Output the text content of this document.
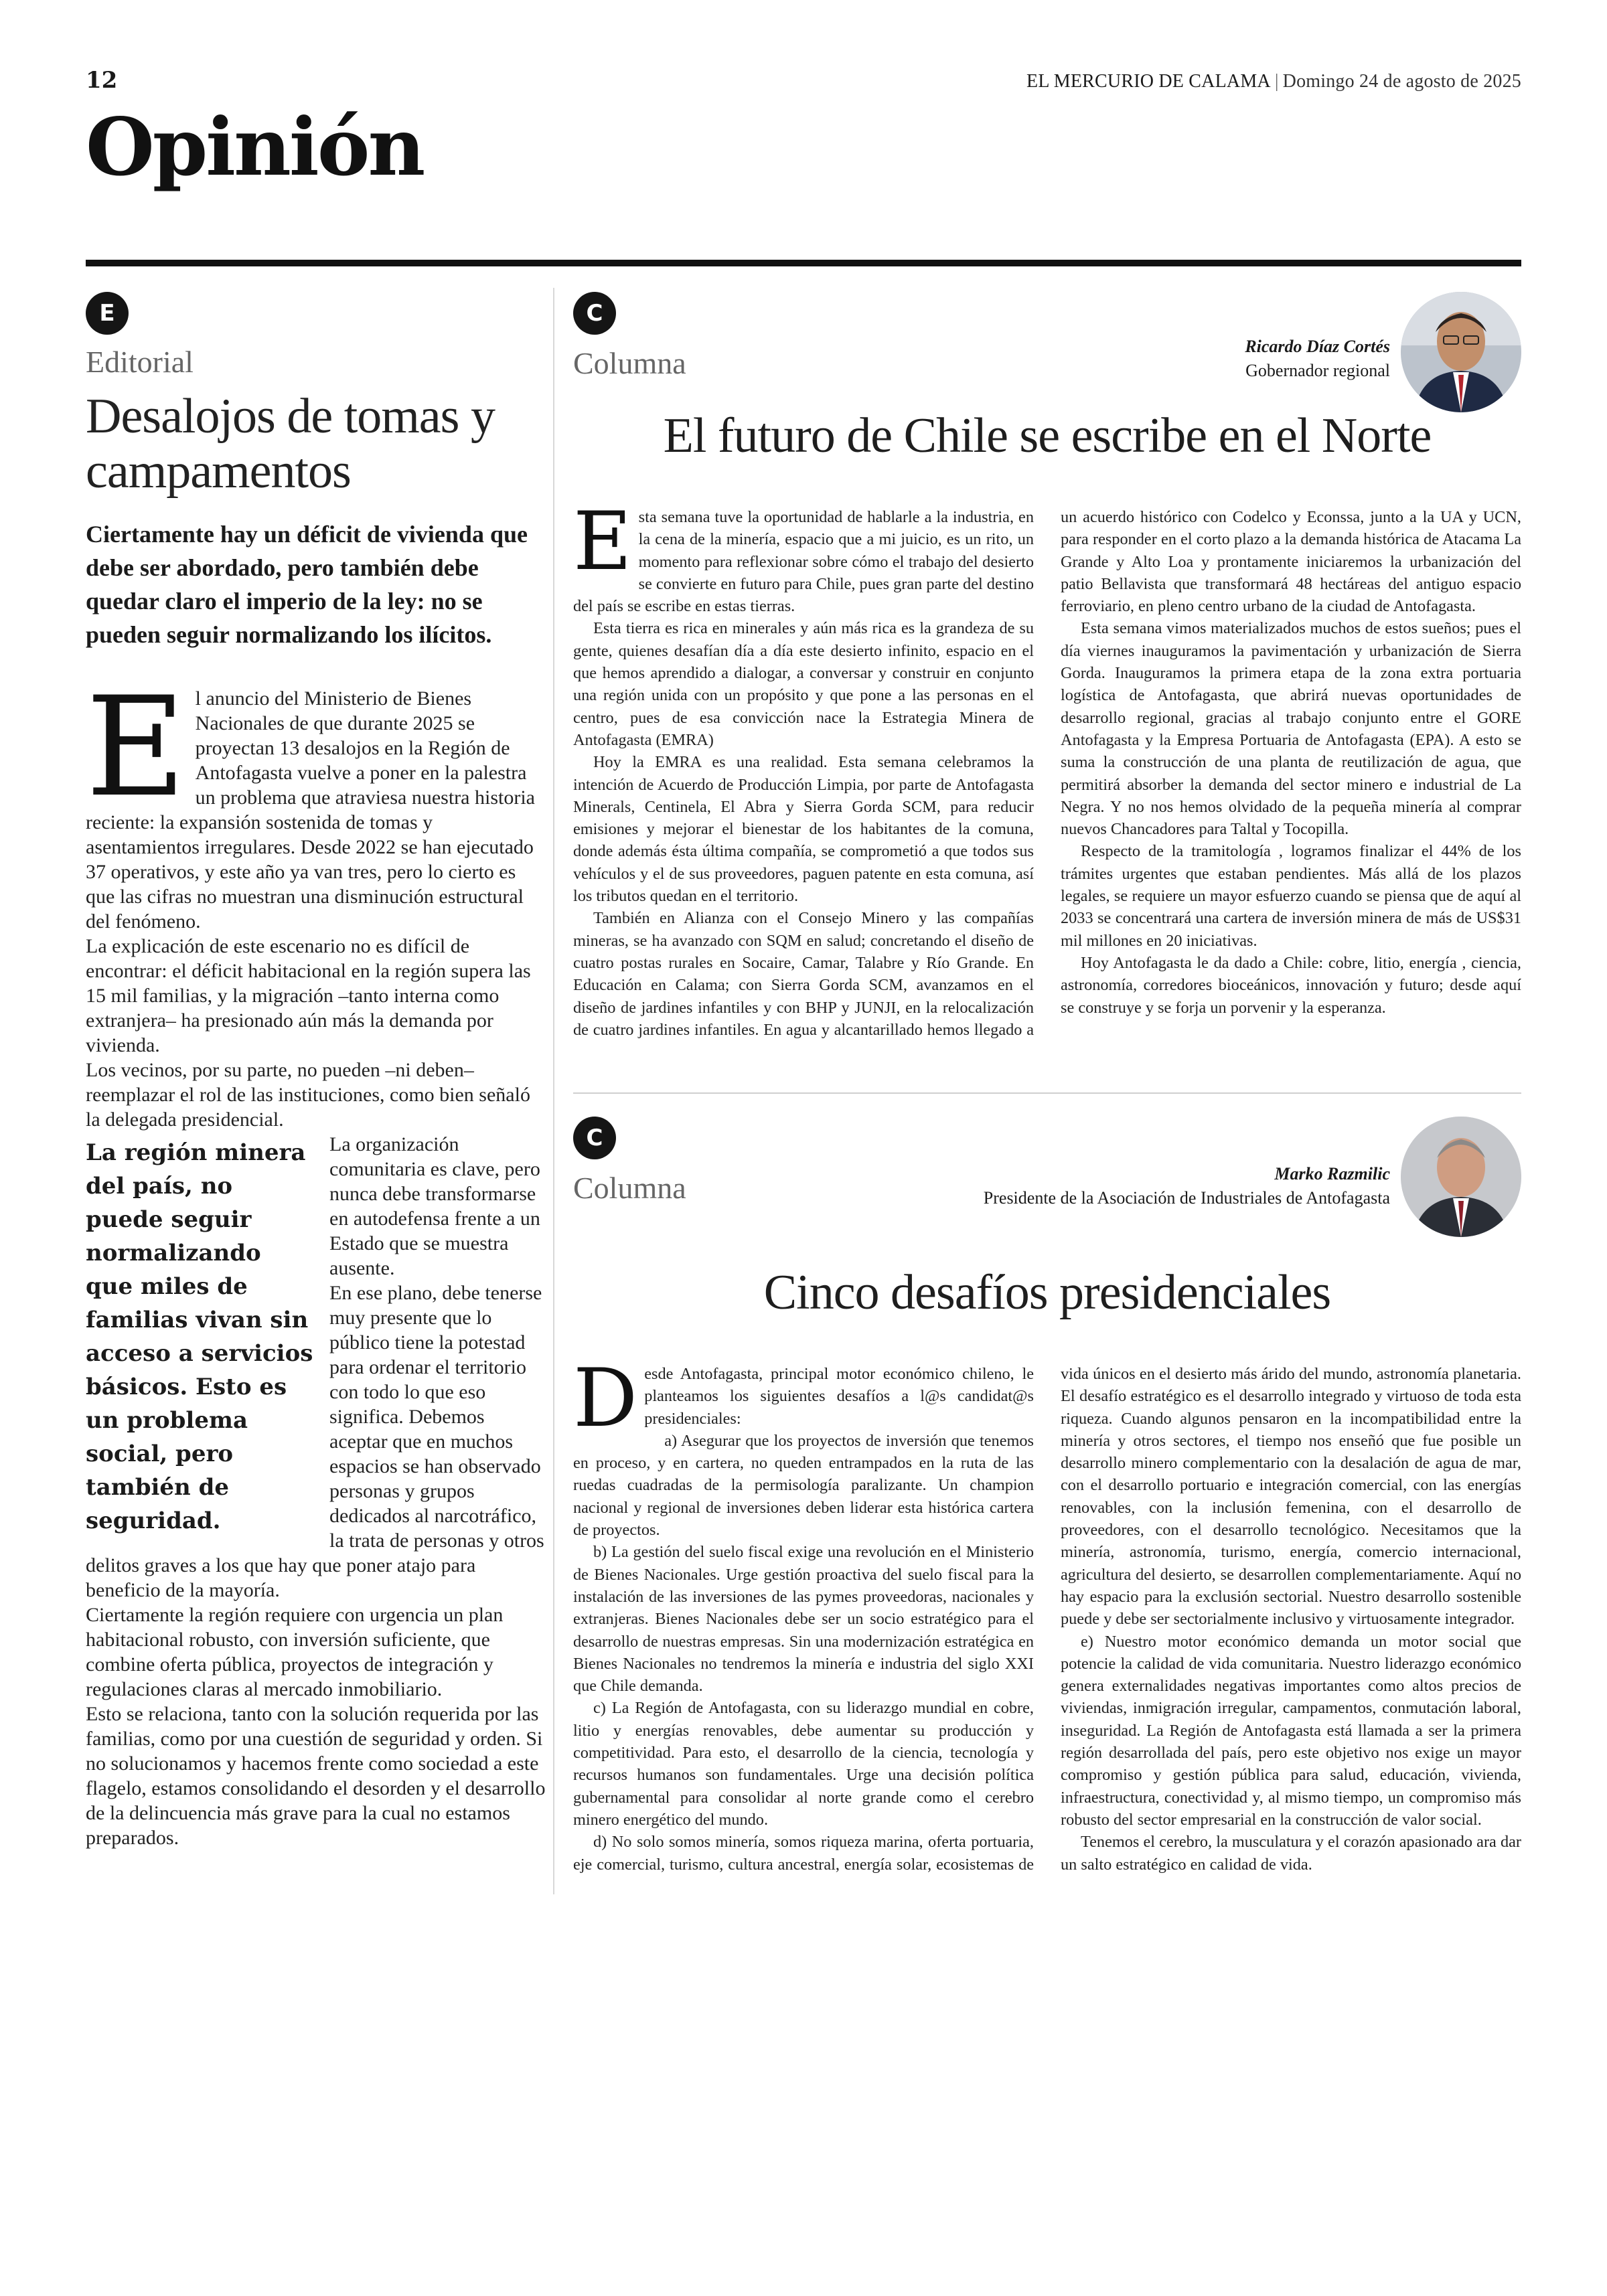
12	EL MERCURIO DE CALAMA | Domingo 24 de agosto de 2025
Opinión
E
Editorial
Desalojos de tomas y campamentos

Ciertamente hay un déficit de vivienda que debe ser abordado, pero también debe quedar claro el imperio de la ley: no se pueden seguir normalizando los ilícitos.

E l anuncio del Ministerio de Bienes Nacionales de que durante 2025 se proyectan 13 desalojos en la Región de Antofagasta vuelve a poner en la palestra un problema que atraviesa nuestra historia reciente: la expansión sostenida de tomas y asentamientos irregulares. Desde 2022 se han ejecutado 37 operativos, y este año ya van tres, pero lo cierto es que las cifras no muestran una disminución estructural del fenómeno.

La explicación de este escenario no es difícil de encontrar: el déficit habitacional en la región supera las 15 mil familias, y la migración –tanto interna como extranjera– ha presionado aún más la demanda por vivienda.

Los vecinos, por su parte, no pueden –ni deben– reemplazar el rol de las instituciones, como bien señaló la delegada presidencial.

La región minera del país, no puede seguir normalizando que miles de familias vivan sin acceso a servicios básicos. Esto es un problema social, pero también de seguridad.

La organización comunitaria es clave, pero nunca debe transformarse en autodefensa frente a un Estado que se muestra ausente.

En ese plano, debe tenerse muy presente que lo público tiene la potestad para ordenar el territorio con todo lo que eso significa. Debemos aceptar que en muchos espacios se han observado personas y grupos dedicados al narcotráfico, la trata de personas y otros delitos graves a los que hay que poner atajo para beneficio de la mayoría.

Ciertamente la región requiere con urgencia un plan habitacional robusto, con inversión suficiente, que combine oferta pública, proyectos de integración y regulaciones claras al mercado inmobiliario.

Esto se relaciona, tanto con la solución requerida por las familias, como por una cuestión de seguridad y orden. Si no solucionamos y hacemos frente como sociedad a este flagelo, estamos consolidando el desorden y el desarrollo de la delincuencia más grave para la cual no estamos preparados.

C
Columna	Ricardo Díaz Cortés
Gobernador regional
El futuro de Chile se escribe en el Norte

Esta semana tuve la oportunidad de hablarle a la industria, en la cena de la minería, espacio que a mi juicio, es un rito, un momento para reflexionar sobre cómo el trabajo del desierto se convierte en futuro para Chile, pues gran parte del destino del país se escribe en estas tierras.

Esta tierra es rica en minerales y aún más rica es la grandeza de su gente, quienes desafían día a día este desierto infinito, espacio en el que hemos aprendido a dialogar, a conversar y construir en conjunto una región unida con un propósito y que pone a las personas en el centro, pues de esa convicción nace la Estrategia Minera de Antofagasta (EMRA)

Hoy la EMRA es una realidad. Esta semana celebramos la intención de Acuerdo de Producción Limpia, por parte de Antofagasta Minerals, Centinela, El Abra y Sierra Gorda SCM, para reducir emisiones y mejorar el bienestar de los habitantes de la comuna, donde además ésta última compañía, se comprometió a que todos sus vehículos y el de sus proveedores, paguen patente en esta comuna, así los tributos quedan en el territorio.

También en Alianza con el Consejo Minero y las compañías mineras, se ha avanzado con SQM en salud; concretando el diseño de cuatro postas rurales en Socaire, Camar, Talabre y Río Grande. En Educación en Calama; con Sierra Gorda SCM, avanzamos en el diseño de jardines infantiles y con BHP y JUNJI, en la relocalización de cuatro jardines infantiles. En agua y alcantarillado hemos llegado a un acuerdo histórico con Codelco y Econssa, junto a la UA y UCN, para responder en el corto plazo a la demanda histórica de Atacama La Grande y Alto Loa y prontamente iniciaremos la urbanización del patio Bellavista que transformará 48 hectáreas del antiguo espacio ferroviario, en pleno centro urbano de la ciudad de Antofagasta.

Esta semana vimos materializados muchos de estos sueños; pues el día viernes inauguramos la pavimentación y urbanización de Sierra Gorda. Inauguramos la primera etapa de la zona extra portuaria logística de Antofagasta, que abrirá nuevas oportunidades de desarrollo regional, gracias al trabajo conjunto entre el GORE Antofagasta y la Empresa Portuaria de Antofagasta (EPA). A esto se suma la construcción de una planta de reutilización de agua, que permitirá absorber la demanda del sector minero e industrial de La Negra. Y no nos hemos olvidado de la pequeña minería al comprar nuevos Chancadores para Taltal y Tocopilla.

Respecto de la tramitología , logramos finalizar el 44% de los trámites urgentes que estaban pendientes. Más allá de los plazos legales, se requiere un mayor esfuerzo cuando se piensa que de aquí al 2033 se concentrará una cartera de inversión minera de más de US$31 mil millones en 20 iniciativas.

Hoy Antofagasta le da dado a Chile: cobre, litio, energía , ciencia, astronomía, corredores bioceánicos, innovación y futuro; desde aquí se construye y se forja un porvenir y la esperanza.

C
Columna	Marko Razmilic
Presidente de la Asociación de Industriales de Antofagasta
Cinco desafíos presidenciales

Desde Antofagasta, principal motor económico chileno, le planteamos los siguientes desafíos a l@s candidat@s presidenciales:

a) Asegurar que los proyectos de inversión que tenemos en proceso, y en cartera, no queden entrampados en la ruta de las ruedas cuadradas de la permisología paralizante. Un champion nacional y regional de inversiones deben liderar esta histórica cartera de proyectos.

b) La gestión del suelo fiscal exige una revolución en el Ministerio de Bienes Nacionales. Urge gestión proactiva del suelo fiscal para la instalación de las inversiones de las pymes proveedoras, nacionales y extranjeras. Bienes Nacionales debe ser un socio estratégico para el desarrollo de nuestras empresas. Sin una modernización estratégica en Bienes Nacionales no tendremos la minería e industria del siglo XXI que Chile demanda.

c) La Región de Antofagasta, con su liderazgo mundial en cobre, litio y energías renovables, debe aumentar su producción y competitividad. Para esto, el desarrollo de la ciencia, tecnología y recursos humanos son fundamentales. Urge una decisión política gubernamental para consolidar al norte grande como el cerebro minero energético del mundo.

d) No solo somos minería, somos riqueza marina, oferta portuaria, eje comercial, turismo, cultura ancestral, energía solar, ecosistemas de vida únicos en el desierto más árido del mundo, astronomía planetaria. El desafío estratégico es el desarrollo integrado y virtuoso de toda esta riqueza. Cuando algunos pensaron en la incompatibilidad entre la minería y otros sectores, el tiempo nos enseñó que fue posible un desarrollo minero complementario con la desalación de agua de mar, con el desarrollo portuario e integración comercial, con las energías renovables, con la inclusión femenina, con el desarrollo de proveedores, con el desarrollo tecnológico. Necesitamos que la minería, astronomía, turismo, energía, comercio internacional, agricultura del desierto, se desarrollen complementariamente. Aquí no hay espacio para la exclusión sectorial. Nuestro desarrollo sostenible puede y debe ser sectorialmente inclusivo y virtuosamente integrador.

e) Nuestro motor económico demanda un motor social que potencie la calidad de vida comunitaria. Nuestro liderazgo económico genera externalidades negativas importantes como altos precios de viviendas, inmigración irregular, campamentos, conmutación laboral, inseguridad. La Región de Antofagasta está llamada a ser la primera región desarrollada del país, pero este objetivo nos exige un mayor compromiso y gestión pública para salud, educación, vivienda, infraestructura, conectividad y, al mismo tiempo, un compromiso más robusto del sector empresarial en la construcción de valor social.

Tenemos el cerebro, la musculatura y el corazón apasionado ara dar un salto estratégico en calidad de vida.
